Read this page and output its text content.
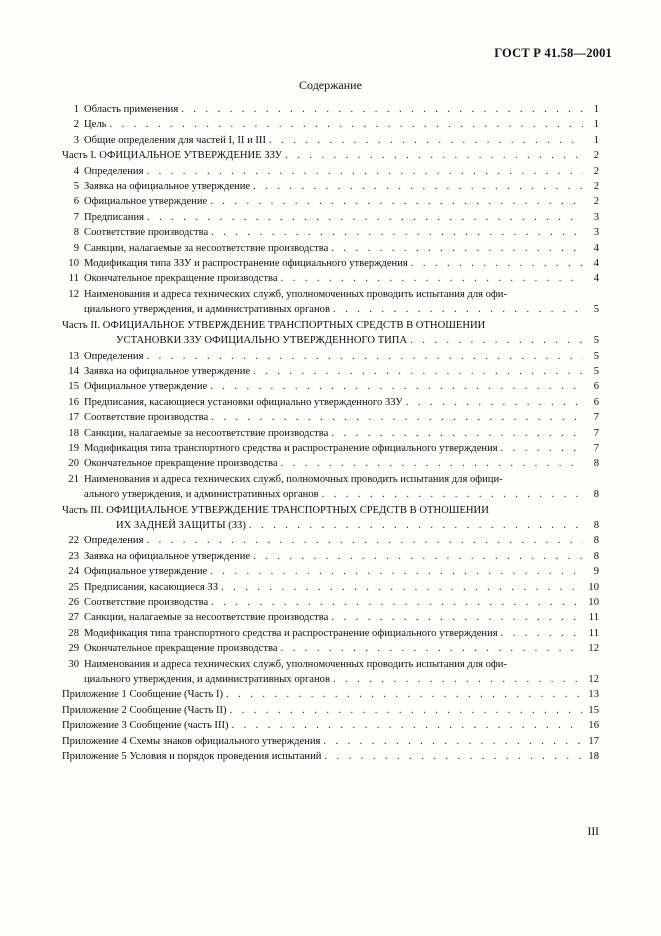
ГОСТ Р 41.58—2001
Содержание
1 Область применения . . .	1
2 Цель . . .	1
3 Общие определения для частей I, II и III . . .	1
Часть I. ОФИЦИАЛЬНОЕ УТВЕРЖДЕНИЕ ЗЗУ . . .	2
4 Определения . . .	2
5 Заявка на официальное утверждение . . .	2
6 Официальное утверждение . . .	2
7 Предписания . . .	3
8 Соответствие производства . . .	3
9 Санкции, налагаемые за несоответствие производства . . .	4
10 Модификация типа ЗЗУ и распространение официального утверждения . . .	4
11 Окончательное прекращение производства . . .	4
12 Наименования и адреса технических служб, уполномоченных проводить испытания для офи-
циального утверждения, и административных органов . . .	5
Часть II. ОФИЦИАЛЬНОЕ УТВЕРЖДЕНИЕ ТРАНСПОРТНЫХ СРЕДСТВ В ОТНОШЕНИИ
УСТАНОВКИ ЗЗУ ОФИЦИАЛЬНО УТВЕРЖДЕННОГО ТИПА . . .	5
13 Определения . . .	5
14 Заявка на официальное утверждение . . .	5
15 Официальное утверждение . . .	6
16 Предписания, касающиеся установки официально утвержденного ЗЗУ . . .	6
17 Соответствие производства . . .	7
18 Санкции, налагаемые за несоответствие производства . . .	7
19 Модификация типа транспортного средства и распространение официального утверждения . . .	7
20 Окончательное прекращение производства . . .	8
21 Наименования и адреса технических служб, полномочных проводить испытания для офици-
ального утверждения, и административных органов . . .	8
Часть III. ОФИЦИАЛЬНОЕ УТВЕРЖДЕНИЕ ТРАНСПОРТНЫХ СРЕДСТВ В ОТНОШЕНИИ
ИХ ЗАДНЕЙ ЗАЩИТЫ (ЗЗ) . . .	8
22 Определения . . .	8
23 Заявка на официальное утверждение . . .	8
24 Официальное утверждение . . .	9
25 Предписания, касающиеся ЗЗ . . .	10
26 Соответствие производства . . .	10
27 Санкции, налагаемые за несоответствие производства . . .	11
28 Модификация типа транспортного средства и распространение официального утверждения . . .	11
29 Окончательное прекращение производства . . .	12
30 Наименования и адреса технических служб, уполномоченных проводить испытания для офи-
циального утверждения, и административных органов . . .	12
Приложение 1 Сообщение (Часть I) . . .	13
Приложение 2 Сообщение (Часть II) . . .	15
Приложение 3 Сообщение (часть III) . . .	16
Приложение 4 Схемы знаков официального утверждения . . .	17
Приложение 5 Условия и порядок проведения испытаний . . .	18
III
